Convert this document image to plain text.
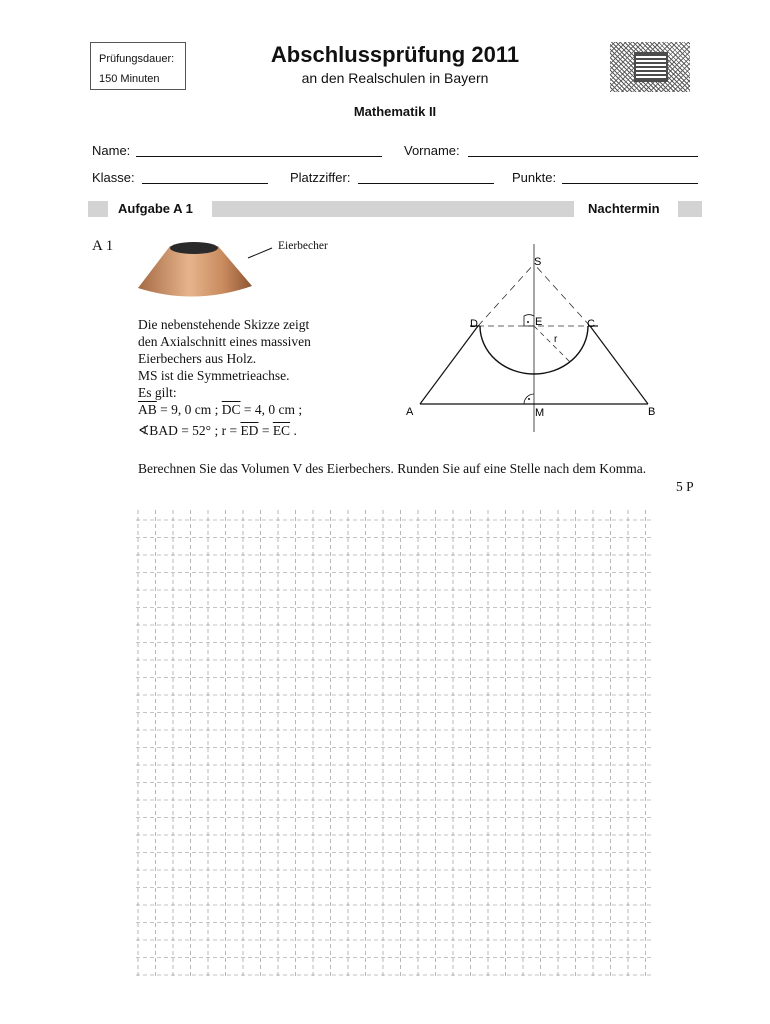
Prüfungsdauer:
150 Minuten
Abschlussprüfung 2011
an den Realschulen in Bayern
Mathematik II
Name:	Vorname:
Klasse:	Platzziffer:	Punkte:
Aufgabe A 1	Nachtermin
A 1	Eierbecher
S
D	E	C
r
A	M	B
Die nebenstehende Skizze zeigt
den Axialschnitt eines massiven
Eierbechers aus Holz.
MS ist die Symmetrieachse.
Es gilt:
$\overline{AB} = 9$, 0 cm ; $\overline{DC} = 4$, 0 cm ;
∢BAD = 52° ; $r = \overline{ED} = \overline{EC}$ .
Berechnen Sie das Volumen V des Eierbechers. Runden Sie auf eine Stelle nach dem Komma.
5 P
